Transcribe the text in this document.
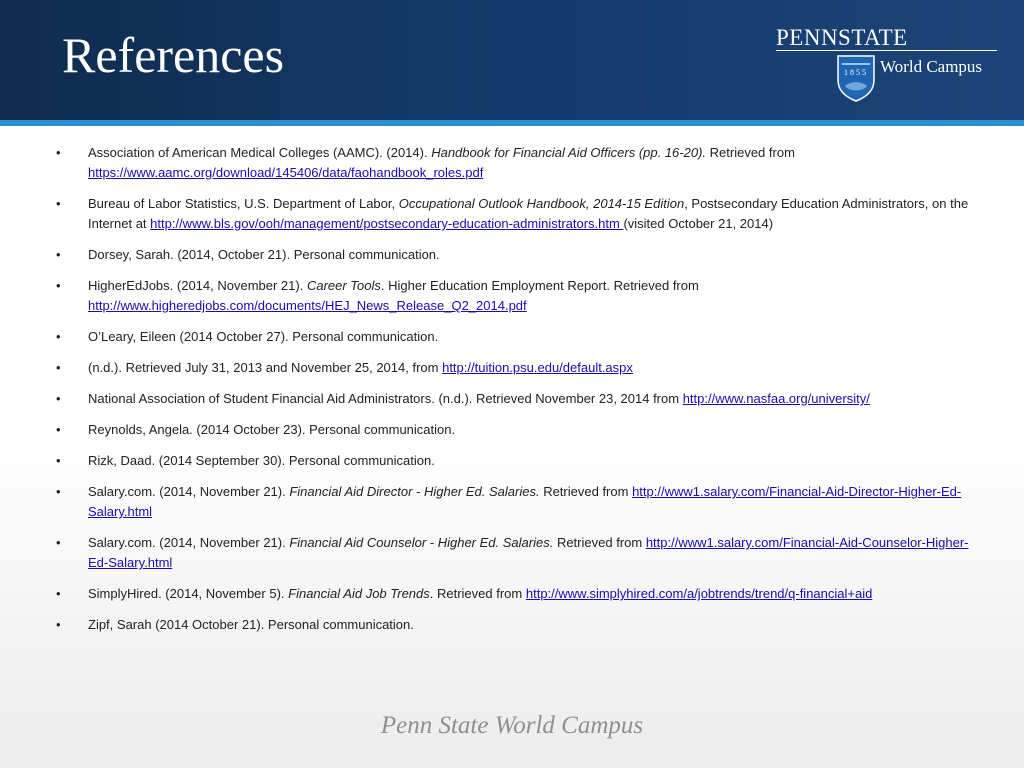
References	PENNSTATE
1855 World Campus
• Association of American Medical Colleges (AAMC). (2014). Handbook for Financial Aid Officers (pp. 16-20). Retrieved from https://www.aamc.org/download/145406/data/faohandbook_roles.pdf
• Bureau of Labor Statistics, U.S. Department of Labor, Occupational Outlook Handbook, 2014-15 Edition, Postsecondary Education Administrators, on the Internet at http://www.bls.gov/ooh/management/postsecondary-education-administrators.htm (visited October 21, 2014)
• Dorsey, Sarah. (2014, October 21). Personal communication.
• HigherEdJobs. (2014, November 21). Career Tools. Higher Education Employment Report. Retrieved from http://www.higheredjobs.com/documents/HEJ_News_Release_Q2_2014.pdf
• O’Leary, Eileen (2014 October 27). Personal communication.
• (n.d.). Retrieved July 31, 2013 and November 25, 2014, from http://tuition.psu.edu/default.aspx
• National Association of Student Financial Aid Administrators. (n.d.). Retrieved November 23, 2014 from http://www.nasfaa.org/university/
• Reynolds, Angela. (2014 October 23). Personal communication.
• Rizk, Daad. (2014 September 30). Personal communication.
• Salary.com. (2014, November 21). Financial Aid Director - Higher Ed. Salaries. Retrieved from http://www1.salary.com/Financial-Aid-Director-Higher-Ed-Salary.html
• Salary.com. (2014, November 21). Financial Aid Counselor - Higher Ed. Salaries. Retrieved from http://www1.salary.com/Financial-Aid-Counselor-Higher-Ed-Salary.html
• SimplyHired. (2014, November 5). Financial Aid Job Trends. Retrieved from http://www.simplyhired.com/a/jobtrends/trend/q-financial+aid
• Zipf, Sarah (2014 October 21). Personal communication.
Penn State World Campus
